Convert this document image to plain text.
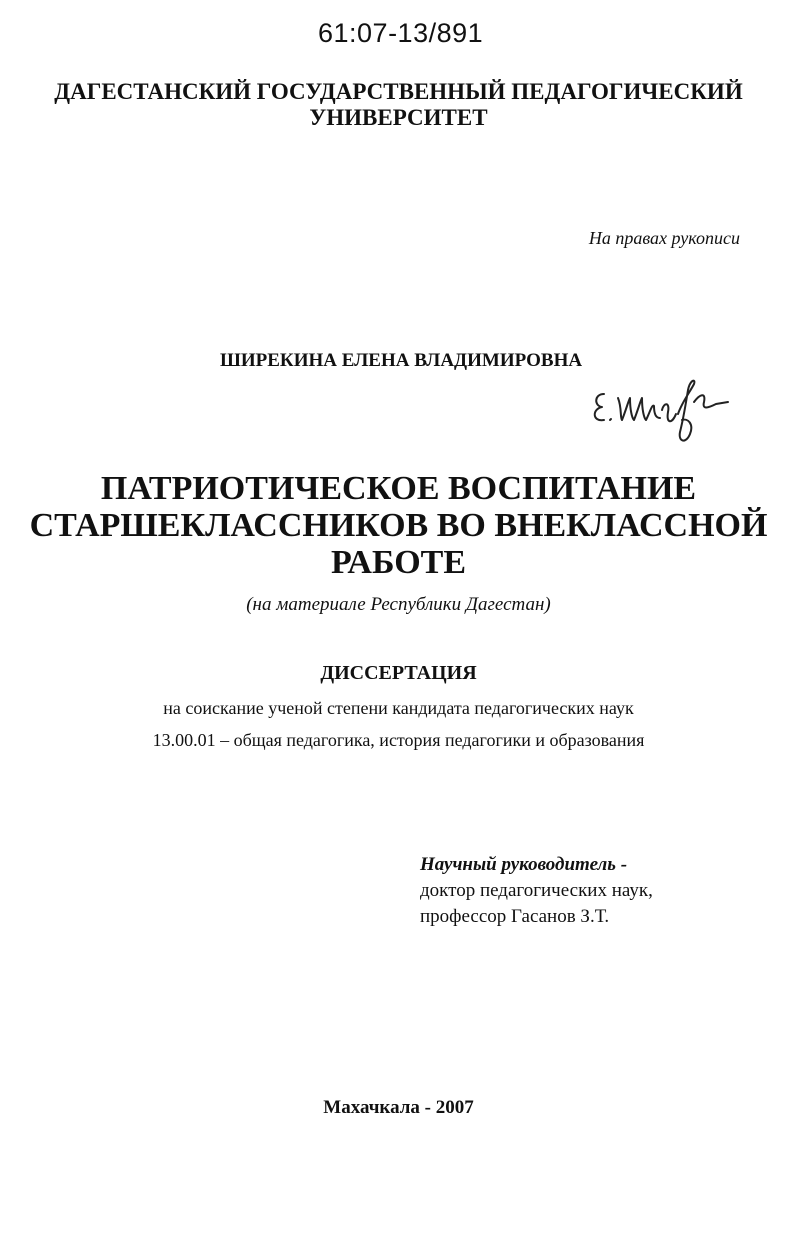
61:07-13/891
ДАГЕСТАНСКИЙ ГОСУДАРСТВЕННЫЙ ПЕДАГОГИЧЕСКИЙ
УНИВЕРСИТЕТ
На правах рукописи
ШИРЕКИНА ЕЛЕНА ВЛАДИМИРОВНА
ПАТРИОТИЧЕСКОЕ ВОСПИТАНИЕ
СТАРШЕКЛАССНИКОВ ВО ВНЕКЛАССНОЙ
РАБОТЕ
(на материале Республики Дагестан)
ДИССЕРТАЦИЯ
на соискание ученой степени кандидата педагогических наук
13.00.01 – общая педагогика, история педагогики и образования
Научный руководитель -
доктор педагогических наук,
профессор Гасанов З.Т.
Махачкала - 2007
